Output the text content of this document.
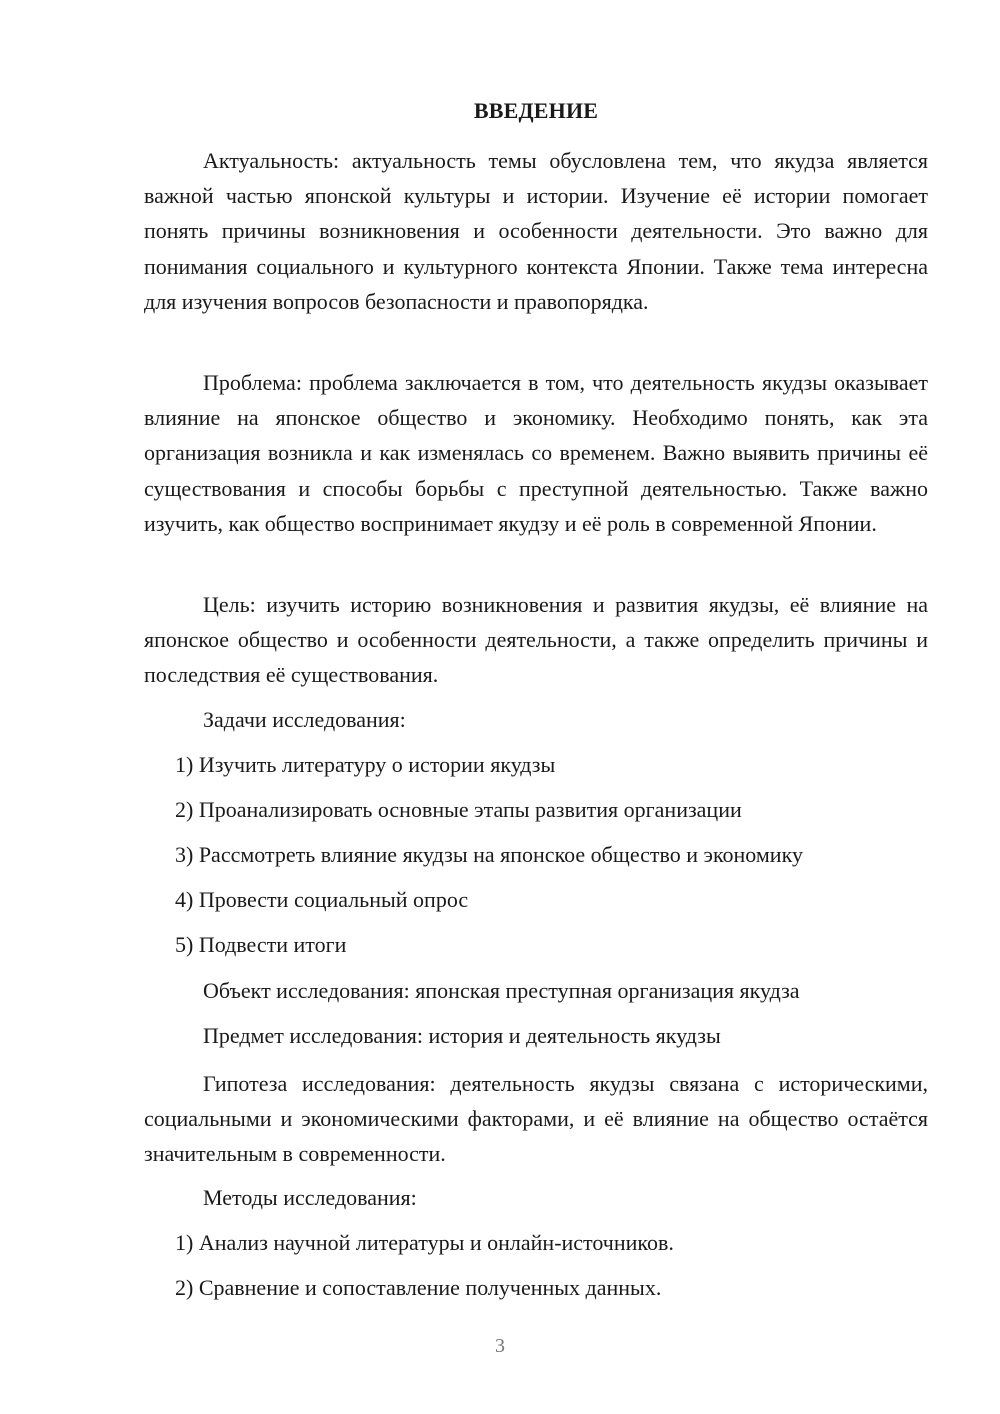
ВВЕДЕНИЕ

Актуальность: актуальность темы обусловлена тем, что якудза является важной частью японской культуры и истории. Изучение её истории помогает понять причины возникновения и особенности деятельности. Это важно для понимания социального и культурного контекста Японии. Также тема интересна для изучения вопросов безопасности и правопорядка.

Проблема: проблема заключается в том, что деятельность якудзы оказывает влияние на японское общество и экономику. Необходимо понять, как эта организация возникла и как изменялась со временем. Важно выявить причины её существования и способы борьбы с преступной деятельностью. Также важно изучить, как общество воспринимает якудзу и её роль в современной Японии.

Цель: изучить историю возникновения и развития якудзы, её влияние на японское общество и особенности деятельности, а также определить причины и последствия её существования.

Задачи исследования:

1) Изучить литературу о истории якудзы

2) Проанализировать основные этапы развития организации

3) Рассмотреть влияние якудзы на японское общество и экономику

4) Провести социальный опрос

5) Подвести итоги

Объект исследования: японская преступная организация якудза

Предмет исследования: история и деятельность якудзы

Гипотеза исследования: деятельность якудзы связана с историческими, социальными и экономическими факторами, и её влияние на общество остаётся значительным в современности.

Методы исследования:

1) Анализ научной литературы и онлайн-источников.

2) Сравнение и сопоставление полученных данных.

3
